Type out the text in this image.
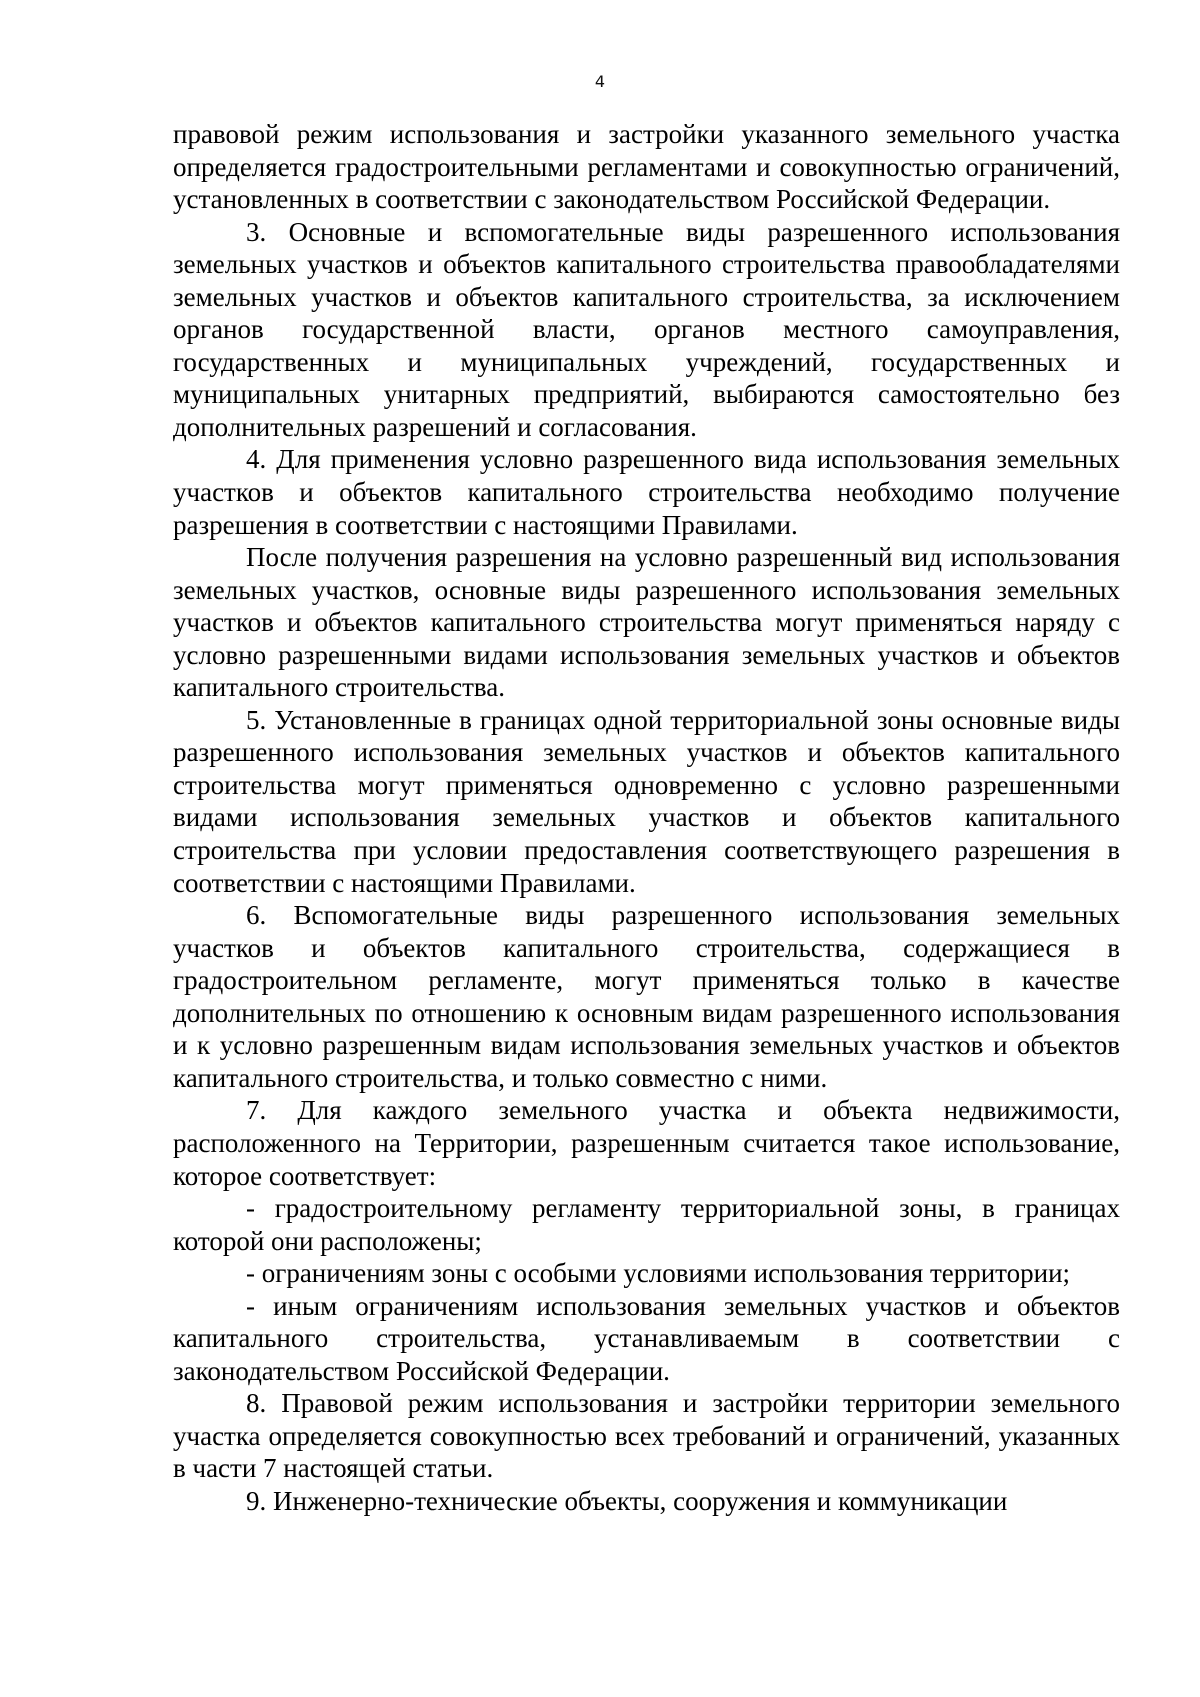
4

правовой режим использования и застройки указанного земельного участка определяется градостроительными регламентами и совокупностью ограничений, установленных в соответствии с законодательством Российской Федерации.

3. Основные и вспомогательные виды разрешенного использования земельных участков и объектов капитального строительства правообладателями земельных участков и объектов капитального строительства, за исключением органов государственной власти, органов местного самоуправления, государственных и муниципальных учреждений, государственных и муниципальных унитарных предприятий, выбираются самостоятельно без дополнительных разрешений и согласования.

4. Для применения условно разрешенного вида использования земельных участков и объектов капитального строительства необходимо получение разрешения в соответствии с настоящими Правилами.

После получения разрешения на условно разрешенный вид использования земельных участков, основные виды разрешенного использования земельных участков и объектов капитального строительства могут применяться наряду с условно разрешенными видами использования земельных участков и объектов капитального строительства.

5. Установленные в границах одной территориальной зоны основные виды разрешенного использования земельных участков и объектов капитального строительства могут применяться одновременно с условно разрешенными видами использования земельных участков и объектов капитального строительства при условии предоставления соответствующего разрешения в соответствии с настоящими Правилами.

6. Вспомогательные виды разрешенного использования земельных участков и объектов капитального строительства, содержащиеся в градостроительном регламенте, могут применяться только в качестве дополнительных по отношению к основным видам разрешенного использования и к условно разрешенным видам использования земельных участков и объектов капитального строительства, и только совместно с ними.

7. Для каждого земельного участка и объекта недвижимости, расположенного на Территории, разрешенным считается такое использование, которое соответствует:

- градостроительному регламенту территориальной зоны, в границах которой они расположены;

- ограничениям зоны с особыми условиями использования территории;

- иным ограничениям использования земельных участков и объектов капитального строительства, устанавливаемым в соответствии с законодательством Российской Федерации.

8. Правовой режим использования и застройки территории земельного участка определяется совокупностью всех требований и ограничений, указанных в части 7 настоящей статьи.

9. Инженерно-технические объекты, сооружения и коммуникации
